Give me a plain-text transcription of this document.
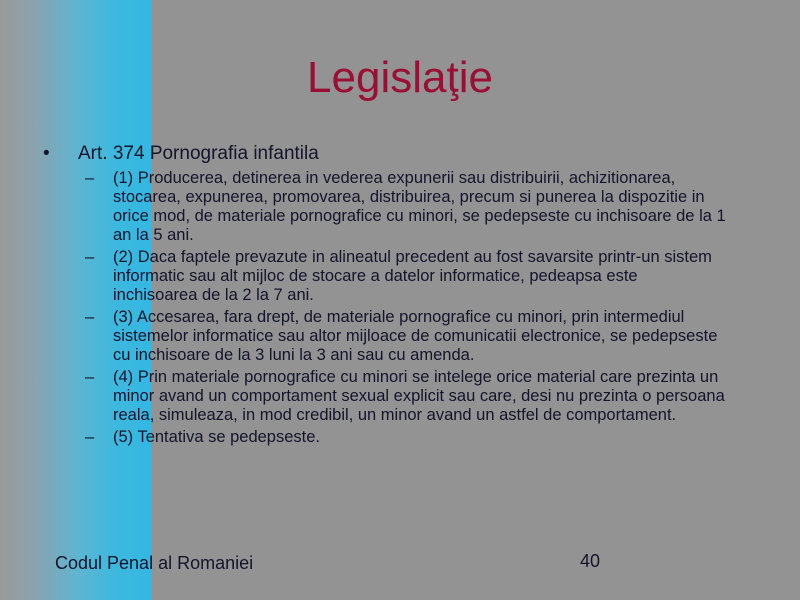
Legislaţie
• Art. 374 Pornografia infantila
– (1) Producerea, detinerea in vederea expunerii sau distribuirii, achizitionarea, stocarea, expunerea, promovarea, distribuirea, precum si punerea la dispozitie in orice mod, de materiale pornografice cu minori, se pedepseste cu inchisoare de la 1 an la 5 ani.
– (2) Daca faptele prevazute in alineatul precedent au fost savarsite printr-un sistem informatic sau alt mijloc de stocare a datelor informatice, pedeapsa este inchisoarea de la 2 la 7 ani.
– (3) Accesarea, fara drept, de materiale pornografice cu minori, prin intermediul sistemelor informatice sau altor mijloace de comunicatii electronice, se pedepseste cu inchisoare de la 3 luni la 3 ani sau cu amenda.
– (4) Prin materiale pornografice cu minori se intelege orice material care prezinta un minor avand un comportament sexual explicit sau care, desi nu prezinta o persoana reala, simuleaza, in mod credibil, un minor avand un astfel de comportament.
– (5) Tentativa se pedepseste.
Codul Penal al Romaniei	40
